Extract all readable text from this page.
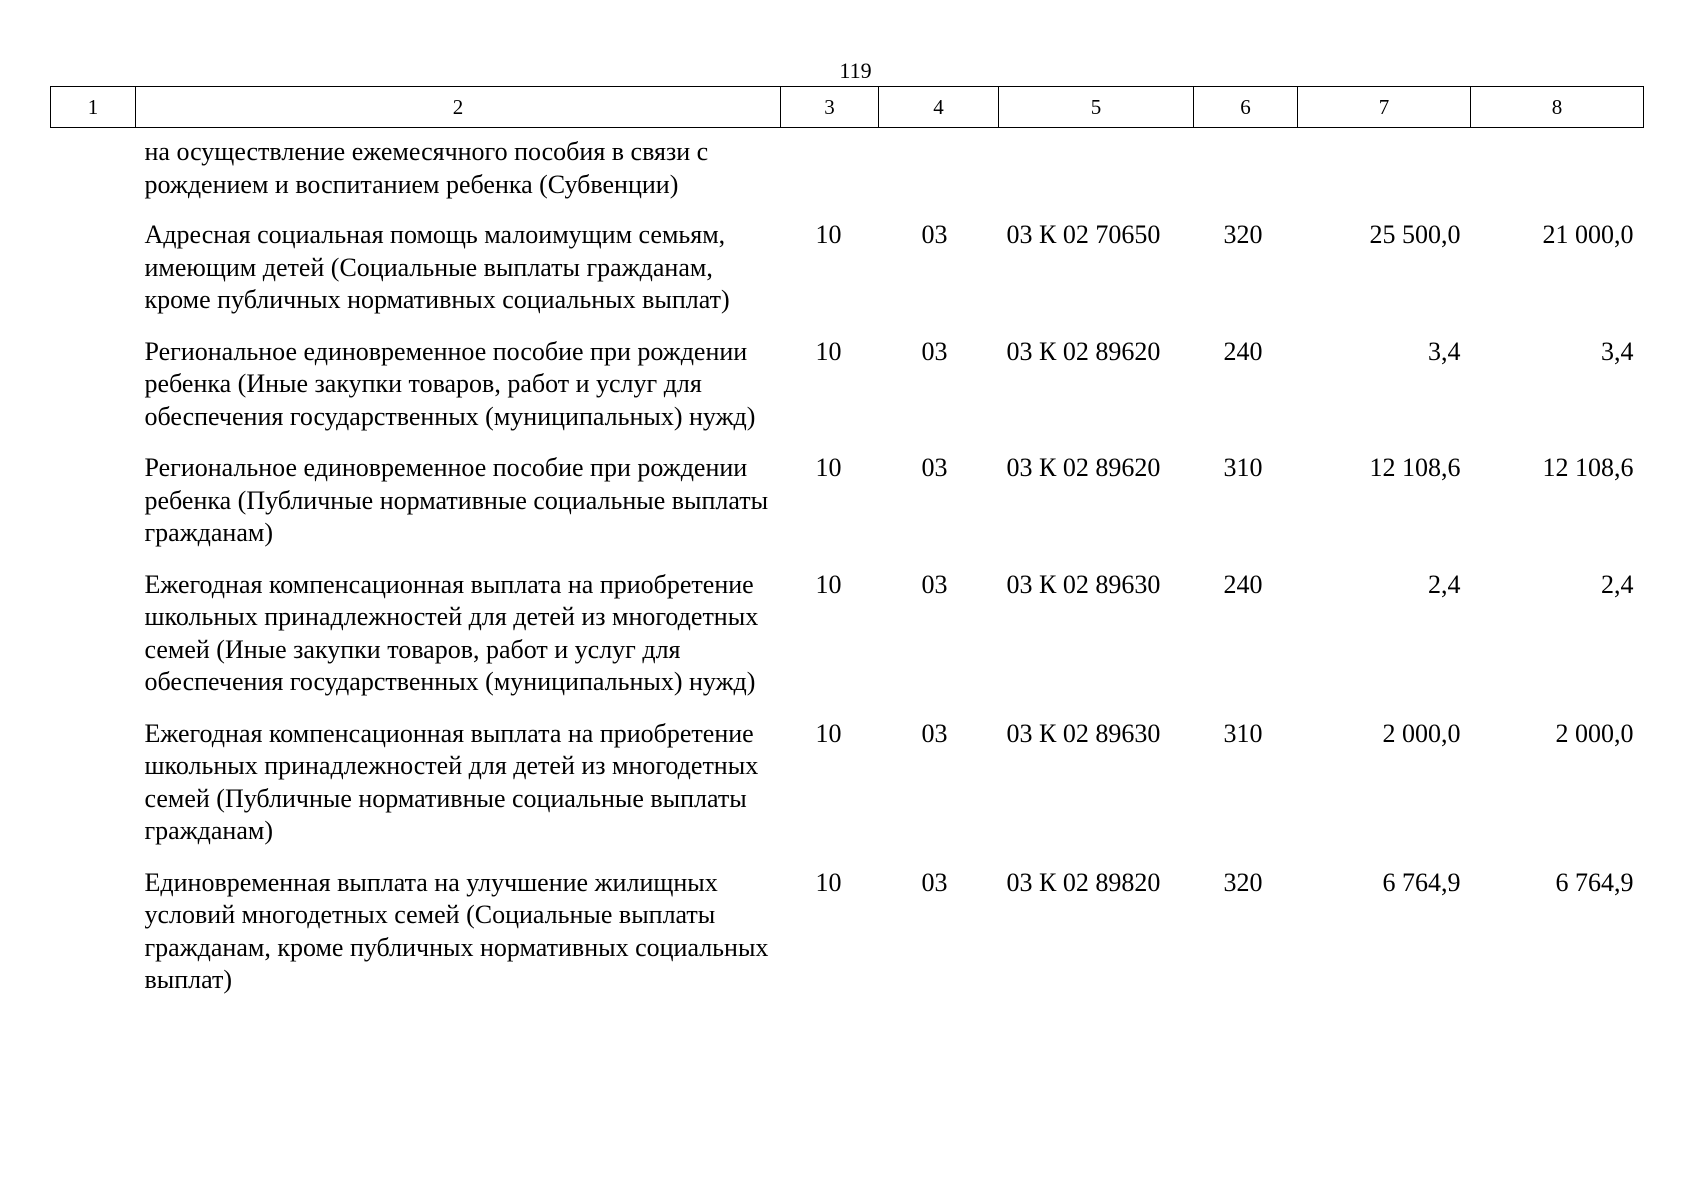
119
1	2	3	4	5	6	7	8
	на осуществление ежемесячного пособия в связи с рождением и воспитанием ребенка (Субвенции)						
	Адресная социальная помощь малоимущим семьям, имеющим детей (Социальные выплаты гражданам, кроме публичных нормативных социальных выплат)	10	03	03 К 02 70650	320	25 500,0	21 000,0
	Региональное единовременное пособие при рождении ребенка (Иные закупки товаров, работ и услуг для обеспечения государственных (муниципальных) нужд)	10	03	03 К 02 89620	240	3,4	3,4
	Региональное единовременное пособие при рождении ребенка (Публичные нормативные социальные выплаты гражданам)	10	03	03 К 02 89620	310	12 108,6	12 108,6
	Ежегодная компенсационная выплата на приобретение школьных принадлежностей для детей из многодетных семей (Иные закупки товаров, работ и услуг для обеспечения государственных (муниципальных) нужд)	10	03	03 К 02 89630	240	2,4	2,4
	Ежегодная компенсационная выплата на приобретение школьных принадлежностей для детей из многодетных семей (Публичные нормативные социальные выплаты гражданам)	10	03	03 К 02 89630	310	2 000,0	2 000,0
	Единовременная выплата на улучшение жилищных условий многодетных семей (Социальные выплаты гражданам, кроме публичных нормативных социальных выплат)	10	03	03 К 02 89820	320	6 764,9	6 764,9
